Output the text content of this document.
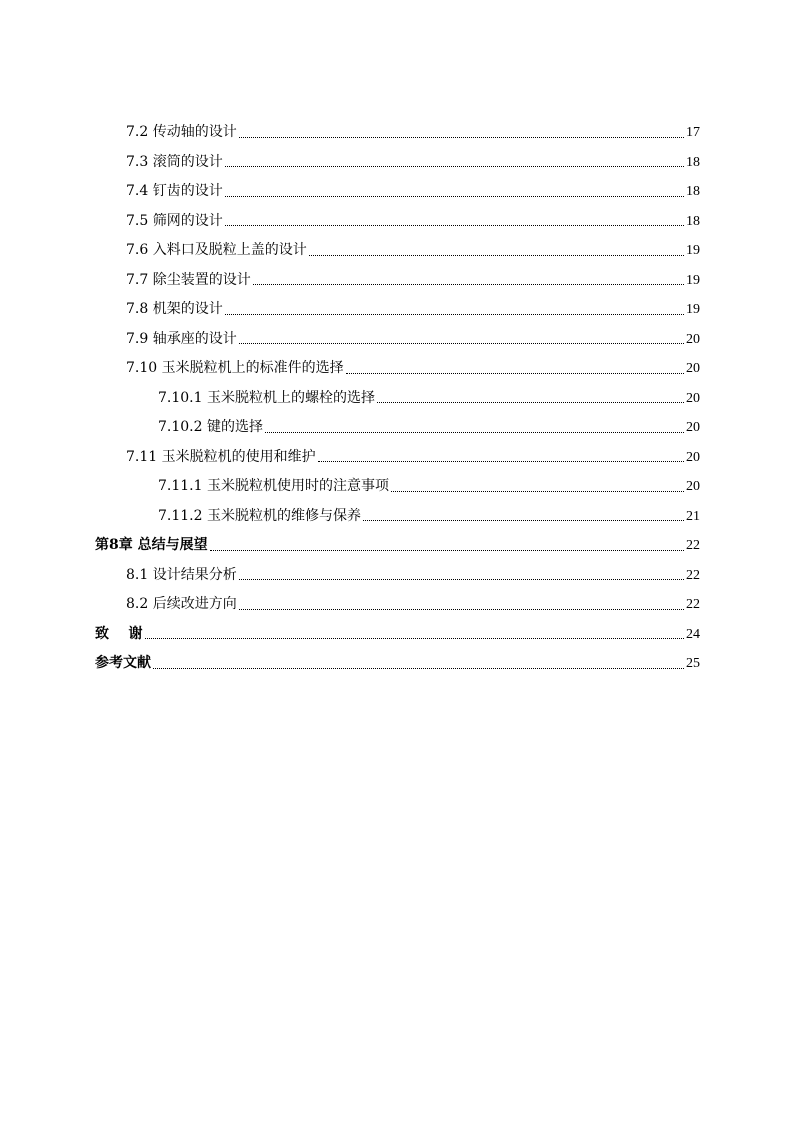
7.2 传动轴的设计	17
7.3 滚筒的设计	18
7.4 钉齿的设计	18
7.5 筛网的设计	18
7.6 入料口及脱粒上盖的设计	19
7.7 除尘装置的设计	19
7.8 机架的设计	19
7.9 轴承座的设计	20
7.10 玉米脱粒机上的标准件的选择	20
7.10.1 玉米脱粒机上的螺栓的选择	20
7.10.2 键的选择	20
7.11 玉米脱粒机的使用和维护	20
7.11.1 玉米脱粒机使用时的注意事项	20
7.11.2 玉米脱粒机的维修与保养	21
第8章 总结与展望	22
8.1 设计结果分析	22
8.2 后续改进方向	22
致    谢	24
参考文献	25
